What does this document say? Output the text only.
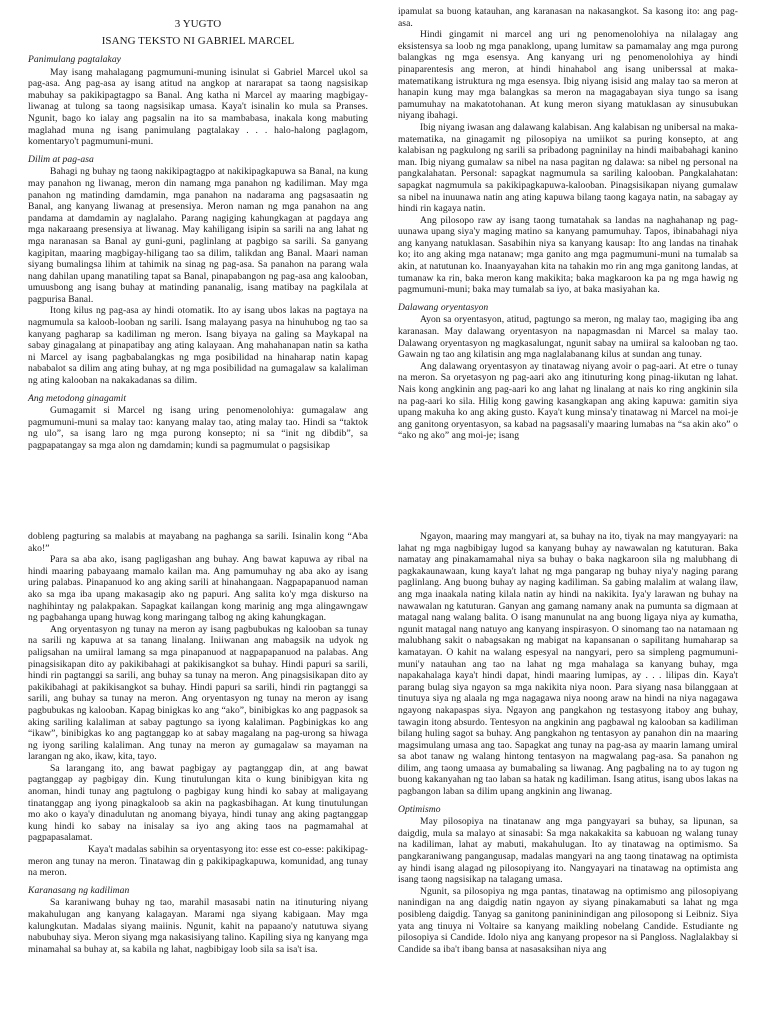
3 YUGTO

ISANG TEKSTO NI GABRIEL MARCEL

Panimulang pagtalakay

May isang mahalagang pagmumuni-muning isinulat si Gabriel Marcel ukol sa pag-asa. Ang pag-asa ay isang atitud na angkop at nararapat sa taong nagsisikap mabuhay sa pakikipagtagpo sa Banal. Ang katha ni Marcel ay maaring magbigay-liwanag at tulong sa taong nagsisikap umasa. Kaya't isinalin ko mula sa Pranses. Ngunit, bago ko ialay ang pagsalin na ito sa mambabasa, inakala kong mabuting maglahad muna ng isang panimulang pagtalakay . . . halo-halong paglagom, komentaryo't pagmumuni-muni.

Dilim at pag-asa

Bahagi ng buhay ng taong nakikipagtagpo at nakikipagkapuwa sa Banal, na kung may panahon ng liwanag, meron din namang mga panahon ng kadiliman. May mga panahon ng matinding damdamin, mga panahon na nadarama ang pagsasaatin ng Banal, ang kanyang liwanag at presensiya. Meron naman ng mga panahon na ang pandama at damdamin ay naglalaho. Parang nagiging kahungkagan at pagdaya ang mga nakaraang presensiya at liwanag. May kahiligang isipin sa sarili na ang lahat ng mga naranasan sa Banal ay guni-guni, paglinlang at pagbigo sa sarili. Sa ganyang kagipitan, maaring magbigay-hiligang tao sa dilim, talikdan ang Banal. Maari naman siyang bumalingsa lihim at tahimik na sinag ng pag-asa. Sa panahon na parang wala nang dahilan upang manatiling tapat sa Banal, pinapabangon ng pag-asa ang kalooban, umuusbong ang isang buhay at matinding pananalig, isang matibay na pagkilala at pagpurisa Banal.

Itong kilus ng pag-asa ay hindi otomatik. Ito ay isang ubos lakas na pagtaya na nagmumula sa kaloob-looban ng sarili. Isang malayang pasya na hinuhubog ng tao sa kanyang pagharap sa kadiliman ng meron. Isang biyaya na galing sa Maykapal na sabay ginagalang at pinapatibay ang ating kalayaan. Ang mahahanapan natin sa katha ni Marcel ay isang pagbabalangkas ng mga posibilidad na hinaharap natin kapag nababalot sa dilim ang ating buhay, at ng mga posibilidad na gumagalaw sa kalaliman ng ating kalooban na nakakadanas sa dilim.

Ang metodong ginagamit

Gumagamit si Marcel ng isang uring penomenolohiya: gumagalaw ang pagmumuni-muni sa malay tao: kanyang malay tao, ating malay tao. Hindi sa “taktok ng ulo”, sa isang laro ng mga purong konsepto; ni sa “init ng dibdib”, sa pagpapatangay sa mga alon ng damdamin; kundi sa pagmumulat o pagsisikap

ipamulat sa buong katauhan, ang karanasan na nakasangkot. Sa kasong ito: ang pag-asa.

Hindi gingamit ni marcel ang uri ng penomenolohiya na nilalagay ang eksistensya sa loob ng mga panaklong, upang lumitaw sa pamamalay ang mga purong balangkas ng mga esensya. Ang kanyang uri ng penomenolohiya ay hindi pinaparentesis ang meron, at hindi hinahabol ang isang uniberssal at maka-matematikang istruktura ng mga esensya. Ibig niyang isisid ang malay tao sa meron at hanapin kung may mga balangkas sa meron na magagabayan siya tungo sa isang pamumuhay na makatotohanan. At kung meron siyang matuklasan ay sinusubukan niyang ibahagi.

Ibig niyang iwasan ang dalawang kalabisan. Ang kalabisan ng unibersal na maka-matematika, na ginagamit ng pilosopiya na umiikot sa puring konsepto, at ang kalabisan ng pagkulong ng sarili sa pribadong pagninilay na hindi maibabahagi kanino man. Ibig niyang gumalaw sa nibel na nasa pagitan ng dalawa: sa nibel ng personal na pangkalahatan. Personal: sapagkat nagmumula sa sariling kalooban. Pangkalahatan: sapagkat nagmumula sa pakikipagkapuwa-kalooban. Pinagsisikapan niyang gumalaw sa nibel na inuunawa natin ang ating kapuwa bilang taong kagaya natin, na sabagay ay hindi rin kagaya natin.

Ang pilosopo raw ay isang taong tumatahak sa landas na naghahanap ng pag-uunawa upang siya'y maging matino sa kanyang pamumuhay. Tapos, ibinabahagi niya ang kanyang natuklasan. Sasabihin niya sa kanyang kausap: Ito ang landas na tinahak ko; ito ang aking mga natanaw; mga ganito ang mga pagmumuni-muni na tumalab sa akin, at natutunan ko. Inaanyayahan kita na tahakin mo rin ang mga ganitong landas, at tumanaw ka rin, baka meron kang makikita; baka magkaroon ka pa ng mga hawig ng pagmumuni-muni; baka may tumalab sa iyo, at baka masiyahan ka.

Dalawang oryentasyon

Ayon sa oryentasyon, atitud, pagtungo sa meron, ng malay tao, magiging iba ang karanasan. May dalawang oryentasyon na napagmasdan ni Marcel sa malay tao. Dalawang oryentasyon ng magkasalungat, ngunit sabay na umiiral sa kalooban ng tao. Gawain ng tao ang kilatisin ang mga naglalabanang kilus at sundan ang tunay.

Ang dalawang oryentasyon ay tinatawag niyang avoir o pag-aari. At etre o tunay na meron. Sa oryetasyon ng pag-aari ako ang itinuturing kong pinag-iikutan ng lahat. Nais kong angkinin ang pag-aari ko ang lahat ng linalang at nais ko ring angkinin sila na pag-aari ko sila. Hilig kong gawing kasangkapan ang aking kapuwa: gamitin siya upang makuha ko ang aking gusto. Kaya't kung minsa'y tinatawag ni Marcel na moi-je ang ganitong oryentasyon, sa kabad na pagsasali'y maaring lumabas na “sa akin ako” o “ako ng ako” ang moi-je; isang

dobleng pagturing sa malabis at mayabang na paghanga sa sarili. Isinalin kong “Aba ako!”

Para sa aba ako, isang pagligashan ang buhay. Ang bawat kapuwa ay ribal na hindi maaring pabayaang mamalo kailan ma. Ang pamumuhay ng aba ako ay isang uring palabas. Pinapanuod ko ang aking sarili at hinahangaan. Nagpapapanuod naman ako sa mga iba upang makasagip ako ng papuri. Ang salita ko'y mga diskurso na naghihintay ng palakpakan. Sapagkat kailangan kong marinig ang mga alingawngaw ng pagbahanga upang huwag kong maringang talbog ng aking kahungkagan.

Ang oryentasyon ng tunay na meron ay isang pagbubukas ng kalooban sa tunay na sarili ng kapuwa at sa tanang linalang. Iniiwanan ang mabagsik na udyok ng paligsahan na umiiral lamang sa mga pinapanuod at nagpapapanuod na palabas. Ang pinagsisikapan dito ay pakikibahagi at pakikisangkot sa buhay. Hindi papuri sa sarili, hindi rin pagtanggi sa sarili, ang buhay sa tunay na meron. Ang pinagsisikapan dito ay pakikibahagi at pakikisangkot sa buhay. Hindi papuri sa sarili, hindi rin pagtanggi sa sarili, ang buhay sa tunay na meron. Ang oryentasyon ng tunay na meron ay isang pagbubukas ng kalooban. Kapag binigkas ko ang “ako”, binibigkas ko ang pagpasok sa aking sariling kalaliman at sabay pagtungo sa iyong kalaliman. Pagbinigkas ko ang “ikaw”, binibigkas ko ang pagtanggap ko at sabay magalang na pag-urong sa hiwaga ng iyong sariling kalaliman. Ang tunay na meron ay gumagalaw sa mayaman na larangan ng ako, ikaw, kita, tayo.

Sa larangang ito, ang bawat pagbigay ay pagtanggap din, at ang bawat pagtanggap ay pagbigay din. Kung tinutulungan kita o kung binibigyan kita ng anoman, hindi tunay ang pagtulong o pagbigay kung hindi ko sabay at maligayang tinatanggap ang iyong pinagkaloob sa akin na pagkasbihagan. At kung tinutulungan mo ako o kaya'y dinadulutan ng anomang biyaya, hindi tunay ang aking pagtanggap kung hindi ko sabay na inisalay sa iyo ang aking taos na pagmamahal at pagpapasalamat.

Kaya't madalas sabihin sa oryentasyong ito: esse est co-esse: pakikipag-meron ang tunay na meron. Tinatawag din g pakikipagkapuwa, komunidad, ang tunay na meron.

Karanasang ng kadiliman

Sa karaniwang buhay ng tao, marahil masasabi natin na itinuturing niyang makahulugan ang kanyang kalagayan. Marami nga siyang kabigaan. May mga kalungkutan. Madalas siyang maiinis. Ngunit, kahit na papaano'y natutuwa siyang nabubuhay siya. Meron siyang mga nakasisiyang talino. Kapiling siya ng kanyang mga minamahal sa buhay at, sa kabila ng lahat, nagbibigay loob sila sa isa't isa.

Ngayon, maaring may mangyari at, sa buhay na ito, tiyak na may mangyayari: na lahat ng mga nagbibigay lugod sa kanyang buhay ay nawawalan ng katuturan. Baka namatay ang pinakamamahal niya sa buhay o baka nagkaroon sila ng malubhang di pagkakaunawaan, kung kaya't lahat ng mga pangarap ng buhay niya'y naging parang paglinlang. Ang buong buhay ay naging kadiliman. Sa gabing malalim at walang ilaw, ang mga inaakala nating kilala natin ay hindi na nakikita. Iya'y larawan ng buhay na nawawalan ng katuturan. Ganyan ang gamang namany anak na pumunta sa digmaan at matagal nang walang balita. O isang manunulat na ang buong ligaya niya ay kumatha, ngunit matagal nang natuyo ang kanyang inspirasyon. O sinomang tao na natamaan ng malubhang sakit o nabagsakan ng mabigat na kapansanan o sapilitang humaharap sa kamatayan. O kahit na walang espesyal na nangyari, pero sa simpleng pagmumuni-muni'y natauhan ang tao na lahat ng mga mahalaga sa kanyang buhay, mga napakahalaga kaya't hindi dapat, hindi maaring lumipas, ay . . . lilipas din. Kaya't parang bulag siya ngayon sa mga nakikita niya noon. Para siyang nasa bilanggaan at tinutuya siya ng alaala ng mga nagagawa niya noong araw na hindi na niya nagagawa ngayong nakapaspas siya. Ngayon ang pangkahon ng testasyong itaboy ang buhay, tawagin itong absurdo. Tentesyon na angkinin ang pagbawal ng kalooban sa kadiliman bilang huling sagot sa buhay. Ang pangkahon ng tentasyon ay panahon din na maaring magsimulang umasa ang tao. Sapagkat ang tunay na pag-asa ay maarin lamang umiral sa abot tanaw ng walang hintong tentasyon na magwalang pag-asa. Sa panahon ng dilim, ang taong umaasa ay bumabaling sa liwanag. Ang pagbaling na to ay tugon ng buong kakanyahan ng tao laban sa hatak ng kadiliman. Isang atitus, isang ubos lakas na pagbangon laban sa dilim upang angkinin ang liwanag.

Optimismo

May pilosopiya na tinatanaw ang mga pangyayari sa buhay, sa lipunan, sa daigdig, mula sa malayo at sinasabi: Sa mga nakakakita sa kabuoan ng walang tunay na kadiliman, lahat ay mabuti, makahulugan. Ito ay tinatawag na optimismo. Sa pangkaraniwang pangangusap, madalas mangyari na ang taong tinatawag na optimista ay hindi isang alagad ng pilosopiyang ito. Nangyayari na tinatawag na optimista ang isang taong nagsisikap na talagang umasa.

Ngunit, sa pilosopiya ng mga pantas, tinatawag na optimismo ang pilosopiyang nanindigan na ang daigdig natin ngayon ay siyang pinakamabuti sa lahat ng mga posibleng daigdig. Tanyag sa ganitong panininindigan ang pilosopong si Leibniz. Siya yata ang tinuya ni Voltaire sa kanyang maikling nobelang Candide. Estudiante ng pilosopiya si Candide. Idolo niya ang kanyang propesor na si Pangloss. Naglalakbay si Candide sa iba't ibang bansa at nasasaksihan niya ang
